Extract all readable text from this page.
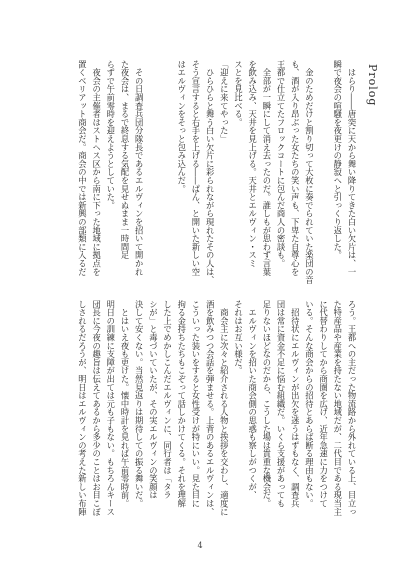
Prolog
　はらり――唐突に天から舞い降りてきた白い欠片は、一
瞬で夜会の喧騒を夜更けの静寂へと引っくり返した。
　金のためだけと割り切って大枚に奏でられていた楽団の音
も、酒が入り昂ぶった女たちの笑い声も、下卑た自尊心を
王都で仕立てたフロックコートに包んだ商人の密談も。
　全部が一瞬にして消え去ったのだ。誰しもが思わず言葉
を飲み込み、天井を見上げる。天井とエルヴィン・スミ
スとを見比べる。
「迎えに来てやった」
　ひらひらと舞う白い欠片に彩られながら現れたその人は、
そう宣言すると右手を上げる――ぱん、と開いた新しい空
はエルヴィンをそっと包み込んだ。
　その日調査兵団分隊長であるエルヴィンを招いて開かれ
た夜会は、まるで終息する気配を見せぬまま一時間足
らずで午前零時を迎えようとしていた。
　夜会の主催者はストヘス区から南に下った地域に拠点を
置くベリアット商会だ。商会の中では新興の部類に入るだ
ろう。王都への主だった物流路から外れている上、目立っ
た特産品や産業を持たない地域だが、二代目である現当主
に代替わりしてから商圏を広げ、近年急速に力をつけて
いる。そんな商会からの招待とあらば断る理由もない。
　招待状にエルヴィンが出欠を迷うはずもなく、調査兵
団は常に資金不足に悩む組織だ。いくら支援があっても
足りないほどなのだから、こうした場は貴重な機会だ。
　エルヴィンを招いた商会側の思惑も察しがつくが、
それはお互い様だ。
　商会主に次々と紹介される人物と挨拶を交わし、適度に
酒を飲みつつ会話を弾ませる。上背のあるエルヴィンは、
こういった装いをすると女性受けが特にいい。見た目に
拘る金持ちたちもこぞって話しかけてくる。それを理解
した上でめかしこんだエルヴィンに、同行者は「タラ
シが」と毒づいていたが、その実エルヴィンの笑顔は
決して安くない。当然見返りは期待しての振る舞いだ。
　とはいえ夜も更けた。懐中時計を見れば午前零時前。
明日の訓練に支障が出ては元も子もない。もちろんキース
団長に今夜の趣旨は伝えてあるから多少のことはお目こぼ
しされるだろうが、明日はエルヴィンの考えた新しい布陣
4
